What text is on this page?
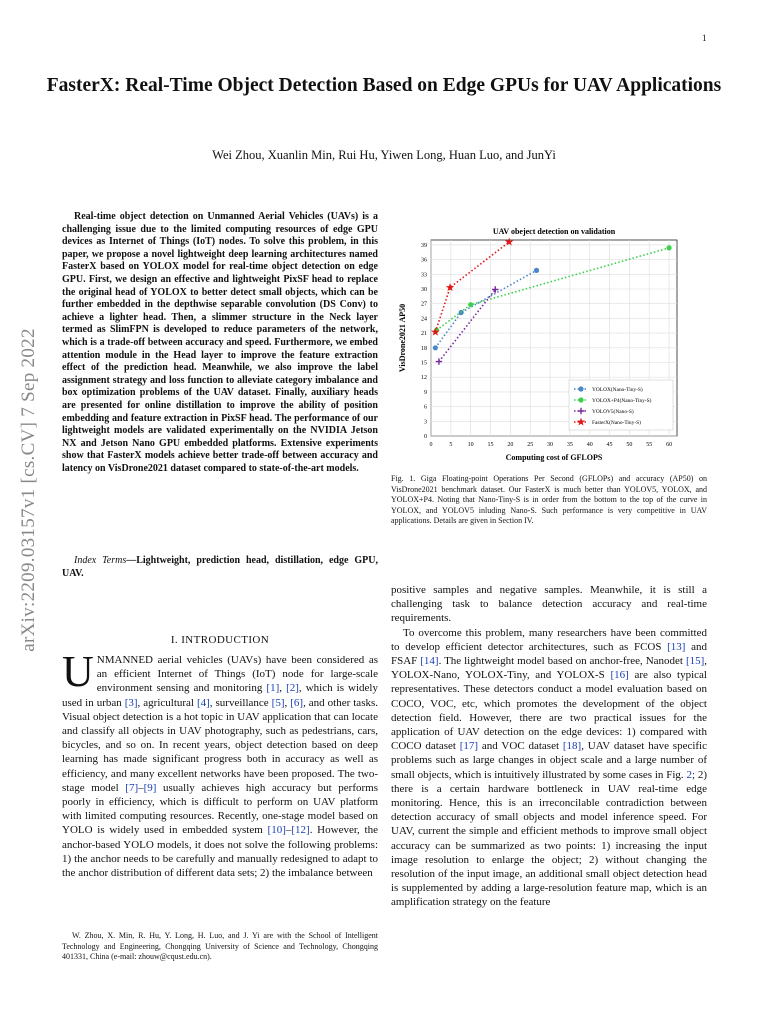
1
FasterX: Real-Time Object Detection Based on Edge GPUs for UAV Applications
Wei Zhou, Xuanlin Min, Rui Hu, Yiwen Long, Huan Luo, and JunYi
arXiv:2209.03157v1 [cs.CV] 7 Sep 2022

Real-time object detection on Unmanned Aerial Vehicles (UAVs) is a challenging issue due to the limited computing resources of edge GPU devices as Internet of Things (IoT) nodes. To solve this problem, in this paper, we propose a novel lightweight deep learning architectures named FasterX based on YOLOX model for real-time object detection on edge GPU. First, we design an effective and lightweight PixSF head to replace the original head of YOLOX to better detect small objects, which can be further embedded in the depthwise separable convolution (DS Conv) to achieve a lighter head. Then, a slimmer structure in the Neck layer termed as SlimFPN is developed to reduce parameters of the network, which is a trade-off between accuracy and speed. Furthermore, we embed attention module in the Head layer to improve the feature extraction effect of the prediction head. Meanwhile, we also improve the label assignment strategy and loss function to alleviate category imbalance and box optimization problems of the UAV dataset. Finally, auxiliary heads are presented for online distillation to improve the ability of position embedding and feature extraction in PixSF head. The performance of our lightweight models are validated experimentally on the NVIDIA Jetson NX and Jetson Nano GPU embedded platforms. Extensive experiments show that FasterX models achieve better trade-off between accuracy and latency on VisDrone2021 dataset compared to state-of-the-art models.

Index Terms—Lightweight, prediction head, distillation, edge GPU, UAV.

I. INTRODUCTION

UNMANNED aerial vehicles (UAVs) have been considered as an efficient Internet of Things (IoT) node for large-scale environment sensing and monitoring [1], [2], which is widely used in urban [3], agricultural [4], surveillance [5], [6], and other tasks. Visual object detection is a hot topic in UAV application that can locate and classify all objects in UAV photography, such as pedestrians, cars, bicycles, and so on. In recent years, object detection based on deep learning has made significant progress both in accuracy as well as efficiency, and many excellent networks have been proposed. The two-stage model [7]–[9] usually achieves high accuracy but performs poorly in efficiency, which is difficult to perform on UAV platform with limited computing resources. Recently, one-stage model based on YOLO is widely used in embedded system [10]–[12]. However, the anchor-based YOLO models, it does not solve the following problems: 1) the anchor needs to be carefully and manually redesigned to adapt to the anchor distribution of different data sets; 2) the imbalance between

W. Zhou, X. Min, R. Hu, Y. Long, H. Luo, and J. Yi are with the School of Intelligent Technology and Engineering, Chongqing University of Science and Technology, Chongqing 401331, China (e-mail: zhouw@cqust.edu.cn).

0	5	10 15 20 25 30 35 40 45 50 55 60
0
3
6
9
12
15
18
21
24
27
30
33
36
39
UAV obeject detection on validation
Computing cost of GFLOPS
VisDrone2021 AP50
YOLOX(Nano-Tiny-S)
YOLOX+P4(Nano-Tiny-S)
YOLOV5(Nano-S)
FasterX(Nano-Tiny-S)

Fig. 1. Giga Floating-point Operations Per Second (GFLOPs) and accuracy (AP50) on VisDrone2021 benchmark dataset. Our FasterX is much better than YOLOV5, YOLOX, and YOLOX+P4. Noting that Nano-Tiny-S is in order from the bottom to the top of the curve in YOLOX, and YOLOV5 inluding Nano-S. Such performance is very competitive in UAV applications. Details are given in Section IV.

positive samples and negative samples. Meanwhile, it is still a challenging task to balance detection accuracy and real-time requirements.

To overcome this problem, many researchers have been committed to develop efficient detector architectures, such as FCOS [13] and FSAF [14]. The lightweight model based on anchor-free, Nanodet [15], YOLOX-Nano, YOLOX-Tiny, and YOLOX-S [16] are also typical representatives. These detectors conduct a model evaluation based on COCO, VOC, etc, which promotes the development of the object detection field. However, there are two practical issues for the application of UAV detection on the edge devices: 1) compared with COCO dataset [17] and VOC dataset [18], UAV dataset have specific problems such as large changes in object scale and a large number of small objects, which is intuitively illustrated by some cases in Fig. 2; 2) there is a certain hardware bottleneck in UAV real-time edge monitoring. Hence, this is an irreconcilable contradiction between detection accuracy of small objects and model inference speed. For UAV, current the simple and efficient methods to improve small object accuracy can be summarized as two points: 1) increasing the input image resolution to enlarge the object; 2) without changing the resolution of the input image, an additional small object detection head is supplemented by adding a large-resolution feature map, which is an amplification strategy on the feature
